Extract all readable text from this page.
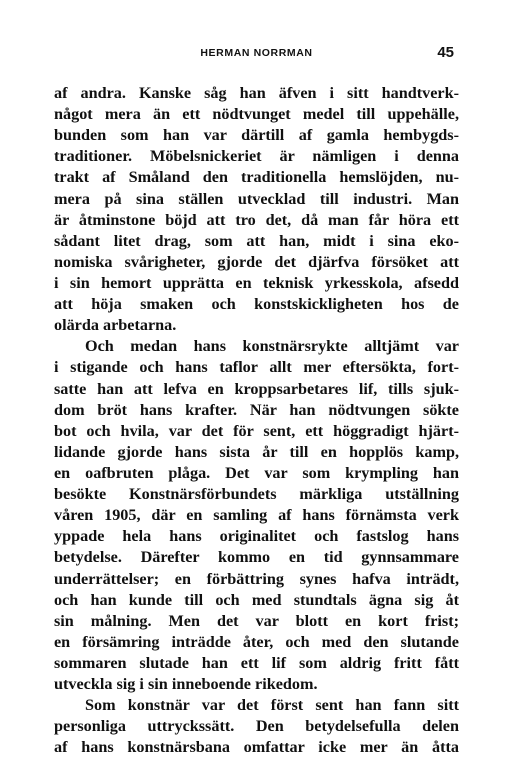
HERMAN NORRMAN	45
af andra. Kanske såg han äfven i sitt handtverk-
något mera än ett nödtvunget medel till uppehälle,
bunden som han var därtill af gamla hembygds-
traditioner. Möbelsnickeriet är nämligen i denna
trakt af Småland den traditionella hemslöjden, nu-
mera på sina ställen utvecklad till industri. Man
är åtminstone böjd att tro det, då man får höra ett
sådant litet drag, som att han, midt i sina eko-
nomiska svårigheter, gjorde det djärfva försöket att
i sin hemort upprätta en teknisk yrkesskola, afsedd
att höja smaken och konstskickligheten hos de
olärda arbetarna.
Och medan hans konstnärsrykte alltjämt var
i stigande och hans taflor allt mer eftersökta, fort-
satte han att lefva en kroppsarbetares lif, tills sjuk-
dom bröt hans krafter. När han nödtvungen sökte
bot och hvila, var det för sent, ett höggradigt hjärt-
lidande gjorde hans sista år till en hopplös kamp,
en oafbruten plåga. Det var som krympling han
besökte Konstnärsförbundets märkliga utställning
våren 1905, där en samling af hans förnämsta verk
yppade hela hans originalitet och fastslog hans
betydelse. Därefter kommo en tid gynnsammare
underrättelser; en förbättring synes hafva inträdt,
och han kunde till och med stundtals ägna sig åt
sin målning. Men det var blott en kort frist;
en försämring inträdde åter, och med den slutande
sommaren slutade han ett lif som aldrig fritt fått
utveckla sig i sin inneboende rikedom.
Som konstnär var det först sent han fann sitt
personliga uttryckssätt. Den betydelsefulla delen
af hans konstnärsbana omfattar icke mer än åtta
